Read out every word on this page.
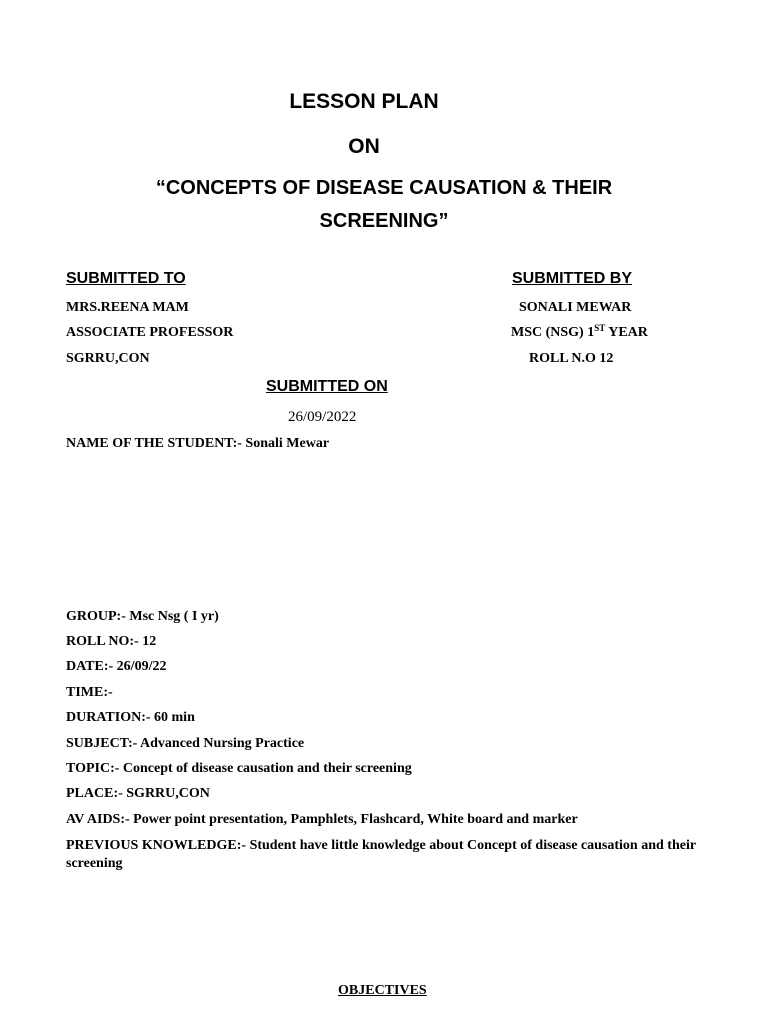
LESSON PLAN
ON
“CONCEPTS OF DISEASE CAUSATION & THEIR
SCREENING”
SUBMITTED TO
MRS.REENA MAM
ASSOCIATE PROFESSOR
SGRRU,CON
SUBMITTED BY
SONALI MEWAR
MSC (NSG) 1ST YEAR
ROLL N.O 12
SUBMITTED ON
26/09/2022
NAME OF THE STUDENT:- Sonali Mewar
GROUP:- Msc Nsg ( I yr)
ROLL NO:- 12
DATE:- 26/09/22
TIME:-
DURATION:- 60 min
SUBJECT:- Advanced Nursing Practice
TOPIC:- Concept of disease causation and their screening
PLACE:- SGRRU,CON
AV AIDS:- Power point presentation, Pamphlets, Flashcard, White board and marker
PREVIOUS KNOWLEDGE:- Student have little knowledge about Concept of disease causation and their screening
OBJECTIVES
